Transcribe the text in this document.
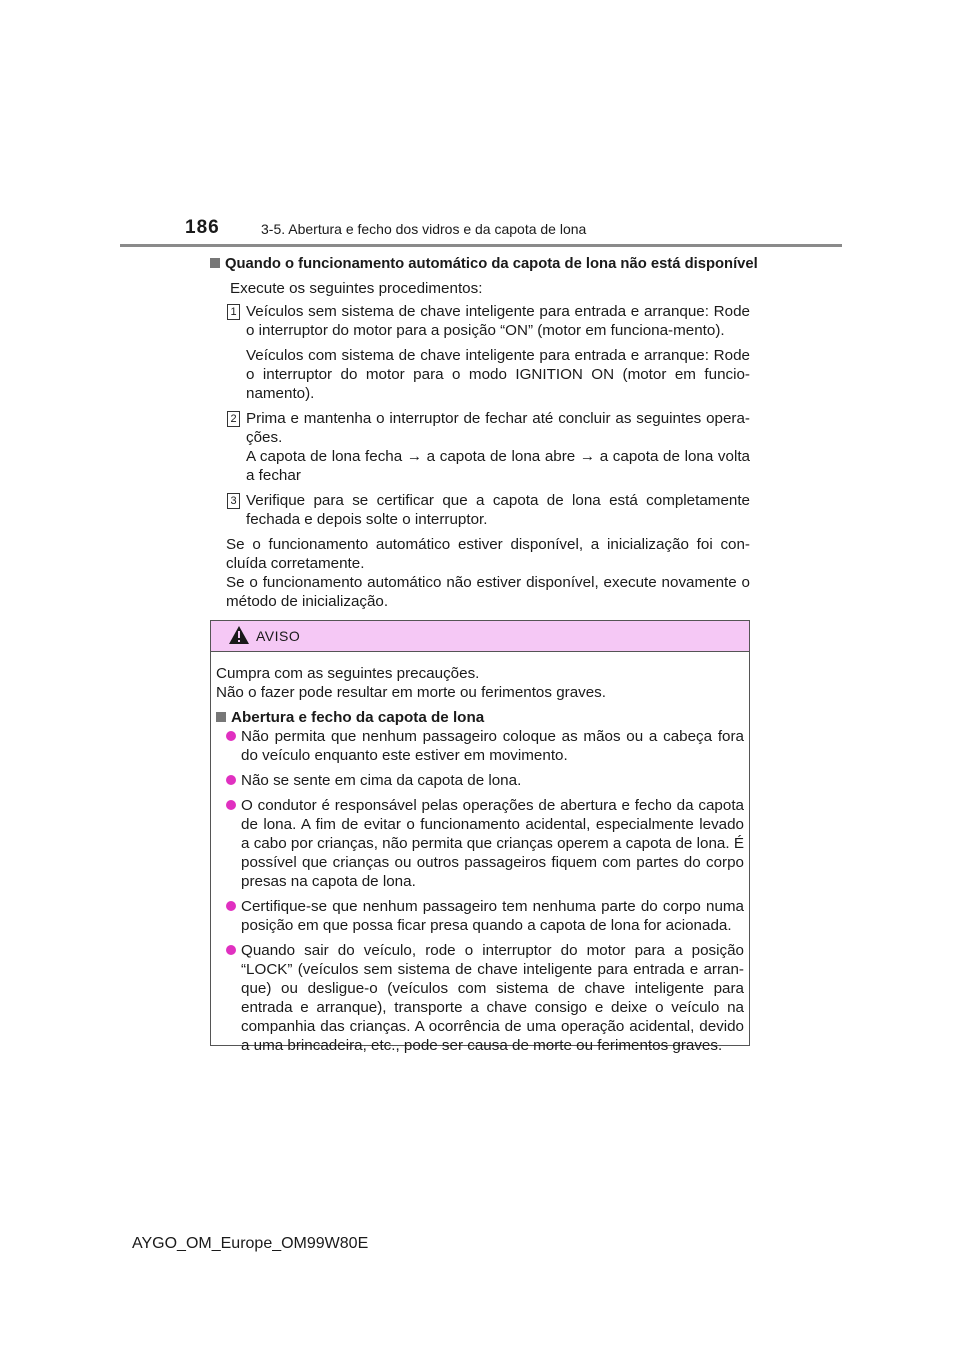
186	3-5. Abertura e fecho dos vidros e da capota de lona
Quando o funcionamento automático da capota de lona não está disponível
Execute os seguintes procedimentos:
1 Veículos sem sistema de chave inteligente para entrada e arranque: Rode o interruptor do motor para a posição “ON” (motor em funciona-mento).

Veículos com sistema de chave inteligente para entrada e arranque: Rode o interruptor do motor para o modo IGNITION ON (motor em funcio-namento).

2 Prima e mantenha o interruptor de fechar até concluir as seguintes opera-ções.

A capota de lona fecha → a capota de lona abre → a capota de lona volta a fechar

3 Verifique para se certificar que a capota de lona está completamente fechada e depois solte o interruptor.

Se o funcionamento automático estiver disponível, a inicialização foi con-cluída corretamente.

Se o funcionamento automático não estiver disponível, execute novamente o método de inicialização.

AVISO

Cumpra com as seguintes precauções.

Não o fazer pode resultar em morte ou ferimentos graves.

Abertura e fecho da capota de lona

Não permita que nenhum passageiro coloque as mãos ou a cabeça fora do veículo enquanto este estiver em movimento.

Não se sente em cima da capota de lona.

O condutor é responsável pelas operações de abertura e fecho da capota de lona. A fim de evitar o funcionamento acidental, especialmente levado a cabo por crianças, não permita que crianças operem a capota de lona. É possível que crianças ou outros passageiros fiquem com partes do corpo presas na capota de lona.

Certifique-se que nenhum passageiro tem nenhuma parte do corpo numa posição em que possa ficar presa quando a capota de lona for acionada.

Quando sair do veículo, rode o interruptor do motor para a posição “LOCK” (veículos sem sistema de chave inteligente para entrada e arran-que) ou desligue-o (veículos com sistema de chave inteligente para entrada e arranque), transporte a chave consigo e deixe o veículo na companhia das crianças. A ocorrência de uma operação acidental, devido a uma brincadeira, etc., pode ser causa de morte ou ferimentos graves.

AYGO_OM_Europe_OM99W80E
